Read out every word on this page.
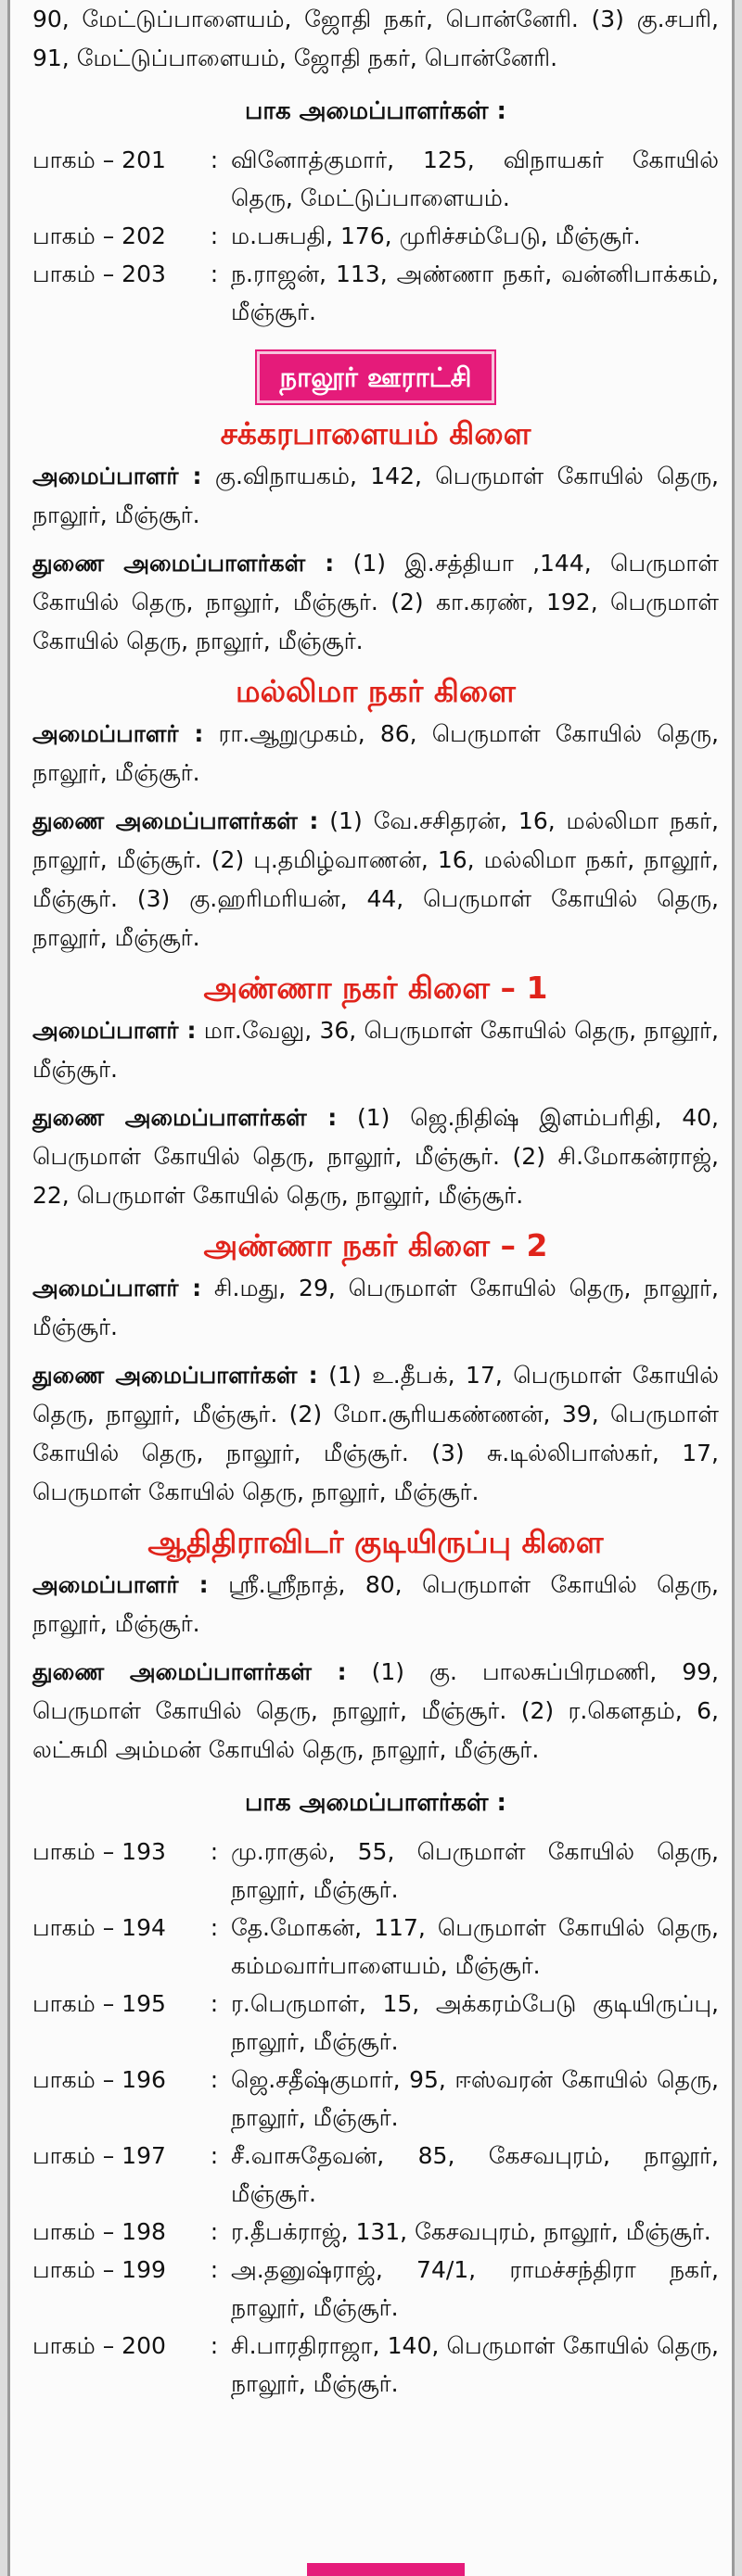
90, மேட்டுப்பாளையம், ஜோதி நகர், பொன்னேரி. (3) கு.சபரி, 91, மேட்டுப்பாளையம், ஜோதி நகர், பொன்னேரி.

பாக அமைப்பாளர்கள் :
பாகம் – 201	: வினோத்குமார், 125, விநாயகர் கோயில் தெரு, மேட்டுப்பாளையம்.
பாகம் – 202	: ம.பசுபதி, 176, முரிச்சம்பேடு, மீஞ்சூர்.
பாகம் – 203	: ந.ராஜன், 113, அண்ணா நகர், வன்னிபாக்கம், மீஞ்சூர்.
நாலூர் ஊராட்சி
சக்கரபாளையம் கிளை

அமைப்பாளர் : கு.விநாயகம், 142, பெருமாள் கோயில் தெரு, நாலூர், மீஞ்சூர்.

துணை அமைப்பாளர்கள் : (1) இ.சத்தியா ,144, பெருமாள் கோயில் தெரு, நாலூர், மீஞ்சூர். (2) கா.கரண், 192, பெருமாள் கோயில் தெரு, நாலூர், மீஞ்சூர்.

மல்லிமா நகர் கிளை

அமைப்பாளர் : ரா.ஆறுமுகம், 86, பெருமாள் கோயில் தெரு, நாலூர், மீஞ்சூர்.

துணை அமைப்பாளர்கள் : (1) வே.சசிதரன், 16, மல்லிமா நகர், நாலூர், மீஞ்சூர். (2) பு.தமிழ்வாணன், 16, மல்லிமா நகர், நாலூர், மீஞ்சூர். (3) கு.ஹரிமரியன், 44, பெருமாள் கோயில் தெரு, நாலூர், மீஞ்சூர்.

அண்ணா நகர் கிளை – 1

அமைப்பாளர் : மா.வேலு, 36, பெருமாள் கோயில் தெரு, நாலூர், மீஞ்சூர்.

துணை அமைப்பாளர்கள் : (1) ஜெ.நிதிஷ் இளம்பரிதி, 40, பெருமாள் கோயில் தெரு, நாலூர், மீஞ்சூர். (2) சி.மோகன்ராஜ், 22, பெருமாள் கோயில் தெரு, நாலூர், மீஞ்சூர்.

அண்ணா நகர் கிளை – 2

அமைப்பாளர் : சி.மது, 29, பெருமாள் கோயில் தெரு, நாலூர், மீஞ்சூர்.

துணை அமைப்பாளர்கள் : (1) உ.தீபக், 17, பெருமாள் கோயில் தெரு, நாலூர், மீஞ்சூர். (2) மோ.சூரியகண்ணன், 39, பெருமாள் கோயில் தெரு, நாலூர், மீஞ்சூர். (3) சு.டில்லிபாஸ்கர், 17, பெருமாள் கோயில் தெரு, நாலூர், மீஞ்சூர்.

ஆதிதிராவிடர் குடியிருப்பு கிளை

அமைப்பாளர் : ஸ்ரீ.ஸ்ரீநாத், 80, பெருமாள் கோயில் தெரு, நாலூர், மீஞ்சூர்.

துணை அமைப்பாளர்கள் : (1) கு. பாலசுப்பிரமணி, 99, பெருமாள் கோயில் தெரு, நாலூர், மீஞ்சூர். (2) ர.கௌதம், 6, லட்சுமி அம்மன் கோயில் தெரு, நாலூர், மீஞ்சூர்.

பாக அமைப்பாளர்கள் :
பாகம் – 193	: மு.ராகுல், 55, பெருமாள் கோயில் தெரு, நாலூர், மீஞ்சூர்.
பாகம் – 194	: தே.மோகன், 117, பெருமாள் கோயில் தெரு, கம்மவார்பாளையம், மீஞ்சூர்.
பாகம் – 195	: ர.பெருமாள், 15, அக்கரம்பேடு குடியிருப்பு, நாலூர், மீஞ்சூர்.
பாகம் – 196	: ஜெ.சதீஷ்குமார், 95, ஈஸ்வரன் கோயில் தெரு, நாலூர், மீஞ்சூர்.
பாகம் – 197	: சீ.வாசுதேவன், 85, கேசவபுரம், நாலூர், மீஞ்சூர்.
பாகம் – 198	: ர.தீபக்ராஜ், 131, கேசவபுரம், நாலூர், மீஞ்சூர்.
பாகம் – 199	: அ.தனுஷ்ராஜ், 74/1, ராமச்சந்திரா நகர், நாலூர், மீஞ்சூர்.
பாகம் – 200	: சி.பாரதிராஜா, 140, பெருமாள் கோயில் தெரு, நாலூர், மீஞ்சூர்.
